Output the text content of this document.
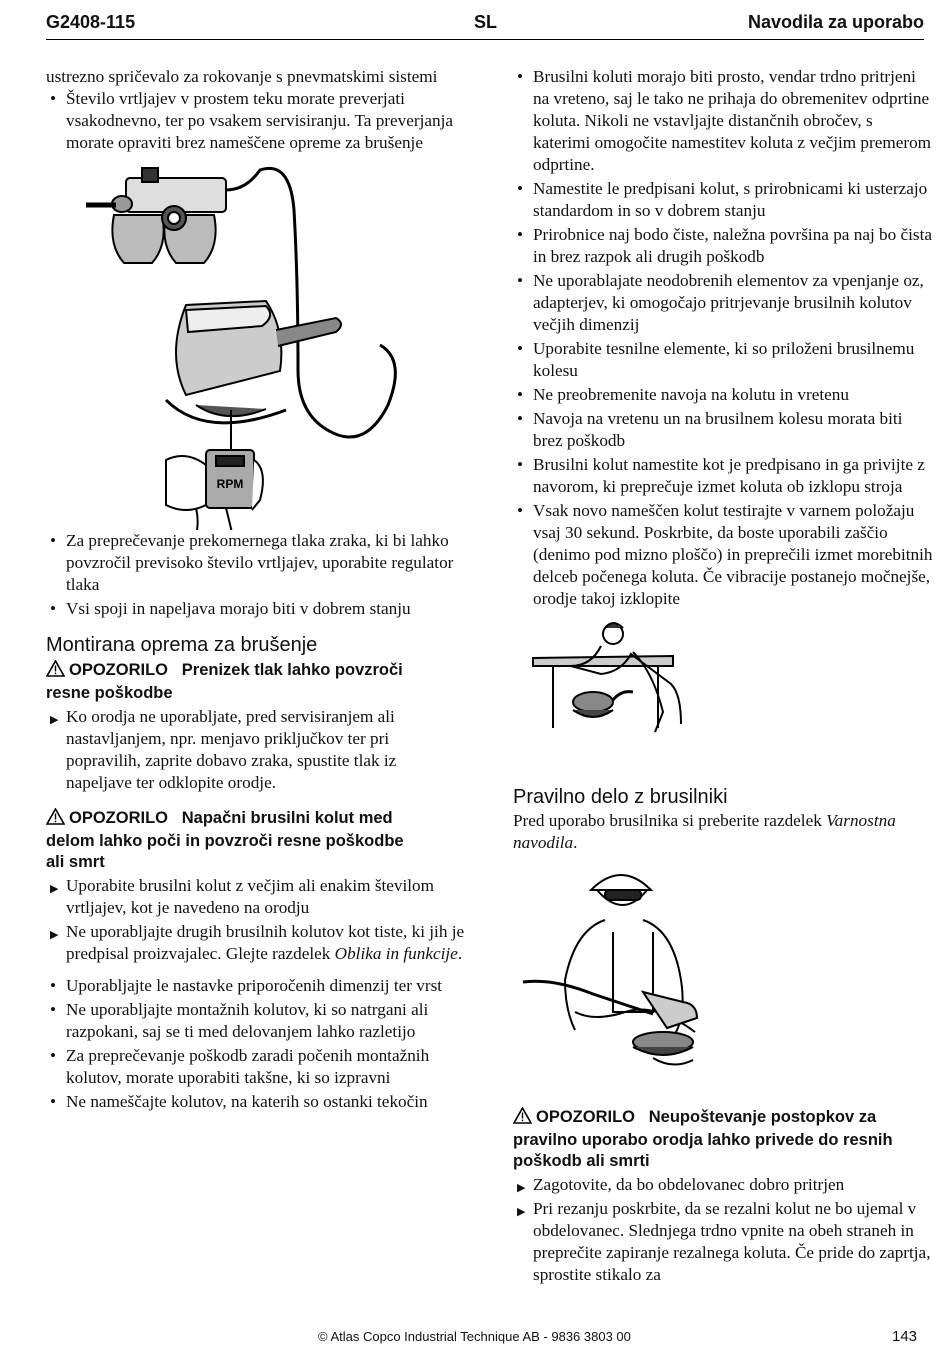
G2408-115	SL	Navodila za uporabo

ustrezno spričevalo za rokovanje s pnevmatskimi sistemi

• Število vrtljajev v prostem teku morate preverjati vsakodnevno, ter po vsakem servisiranju. Ta preverjanja morate opraviti brez nameščene opreme za brušenje
RPM
• Za preprečevanje prekomernega tlaka zraka, ki bi lahko povzročil previsoko število vrtljajev, uporabite regulator tlaka
• Vsi spoji in napeljava morajo biti v dobrem stanju
Montirana oprema za brušenje
OPOZORILO Prenizek tlak lahko povzroči
resne poškodbe
▶ Ko orodja ne uporabljate, pred servisiranjem ali nastavljanjem, npr. menjavo priključkov ter pri popravilih, zaprite dobavo zraka, spustite tlak iz napeljave ter odklopite orodje.
OPOZORILO Napačni brusilni kolut med
delom lahko poči in povzroči resne poškodbe
ali smrt
▶ Uporabite brusilni kolut z večjim ali enakim številom vrtljajev, kot je navedeno na orodju
▶ Ne uporabljajte drugih brusilnih kolutov kot tiste, ki jih je predpisal proizvajalec. Glejte razdelek Oblika in funkcije.
• Uporabljajte le nastavke priporočenih dimenzij ter vrst
• Ne uporabljajte montažnih kolutov, ki so natrgani ali razpokani, saj se ti med delovanjem lahko razletijo
• Za preprečevanje poškodb zaradi počenih montažnih kolutov, morate uporabiti takšne, ki so izpravni
• Ne nameščajte kolutov, na katerih so ostanki tekočin
• Brusilni koluti morajo biti prosto, vendar trdno pritrjeni na vreteno, saj le tako ne prihaja do obremenitev odprtine koluta. Nikoli ne vstavljajte distančnih obročev, s katerimi omogočite namestitev koluta z večjim premerom odprtine.
• Namestite le predpisani kolut, s prirobnicami ki usterzajo standardom in so v dobrem stanju
• Prirobnice naj bodo čiste, naležna površina pa naj bo čista in brez razpok ali drugih poškodb
• Ne uporablajate neodobrenih elementov za vpenjanje oz, adapterjev, ki omogočajo pritrjevanje brusilnih kolutov večjih dimenzij
• Uporabite tesnilne elemente, ki so priloženi brusilnemu kolesu
• Ne preobremenite navoja na kolutu in vretenu
• Navoja na vretenu un na brusilnem kolesu morata biti brez poškodb
• Brusilni kolut namestite kot je predpisano in ga privijte z navorom, ki preprečuje izmet koluta ob izklopu stroja
• Vsak novo nameščen kolut testirajte v varnem položaju vsaj 30 sekund. Poskrbite, da boste uporabili zaščio (denimo pod mizno ploščo) in preprečili izmet morebitnih delceb počenega koluta. Če vibracije postanejo močnejše, orodje takoj izklopite
Pravilno delo z brusilniki

Pred uporabo brusilnika si preberite razdelek Varnostna navodila.

OPOZORILO Neupoštevanje postopkov za
pravilno uporabo orodja lahko privede do resnih
poškodb ali smrti
▶ Zagotovite, da bo obdelovanec dobro pritrjen
▶ Pri rezanju poskrbite, da se rezalni kolut ne bo ujemal v obdelovanec. Slednjega trdno vpnite na obeh straneh in preprečite zapiranje rezalnega koluta. Če pride do zaprtja, sprostite stikalo za
© Atlas Copco Industrial Technique AB - 9836 3803 00	143
